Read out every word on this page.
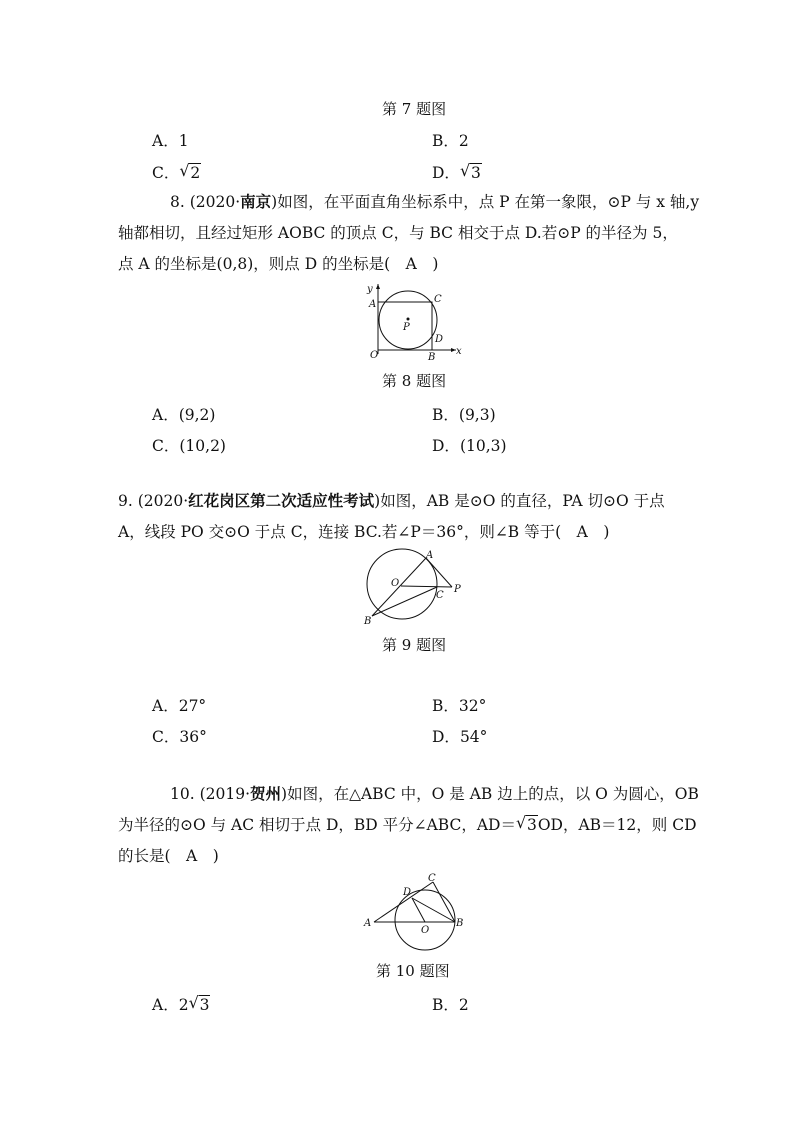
第 7 题图
A．1	B．2
C． √ 2	D． √ 3
8. (2020·南京)如图，在平面直角坐标系中，点 P 在第一象限，⊙P 与 x 轴,y
轴都相切，且经过矩形 AOBC 的顶点 C，与 BC 相交于点 D.若⊙P 的半径为 5，
点 A 的坐标是(0,8)，则点 D 的坐标是(　A　)
y
x
A	C
P
D
O	B
第 8 题图
A．(9,2)	B．(9,3)
C．(10,2)	D．(10,3)
9. (2020·红花岗区第二次适应性考试)如图，AB 是⊙O 的直径，PA 切⊙O 于点
A，线段 PO 交⊙O 于点 C，连接 BC.若∠P＝36°，则∠B 等于(　A　)
A
O
P
C
B
第 9 题图
A．27°	B．32°
C．36°	D．54°
10. (2019·贺州)如图，在△ABC 中，O 是 AB 边上的点，以 O 为圆心，OB
为半径的⊙O 与 AC 相切于点 D，BD 平分∠ABC，AD＝ √ 3OD，AB＝12，则 CD
的长是(　A　)
C
D
A
O
B
第 10 题图
A．2 √ 3	B．2
